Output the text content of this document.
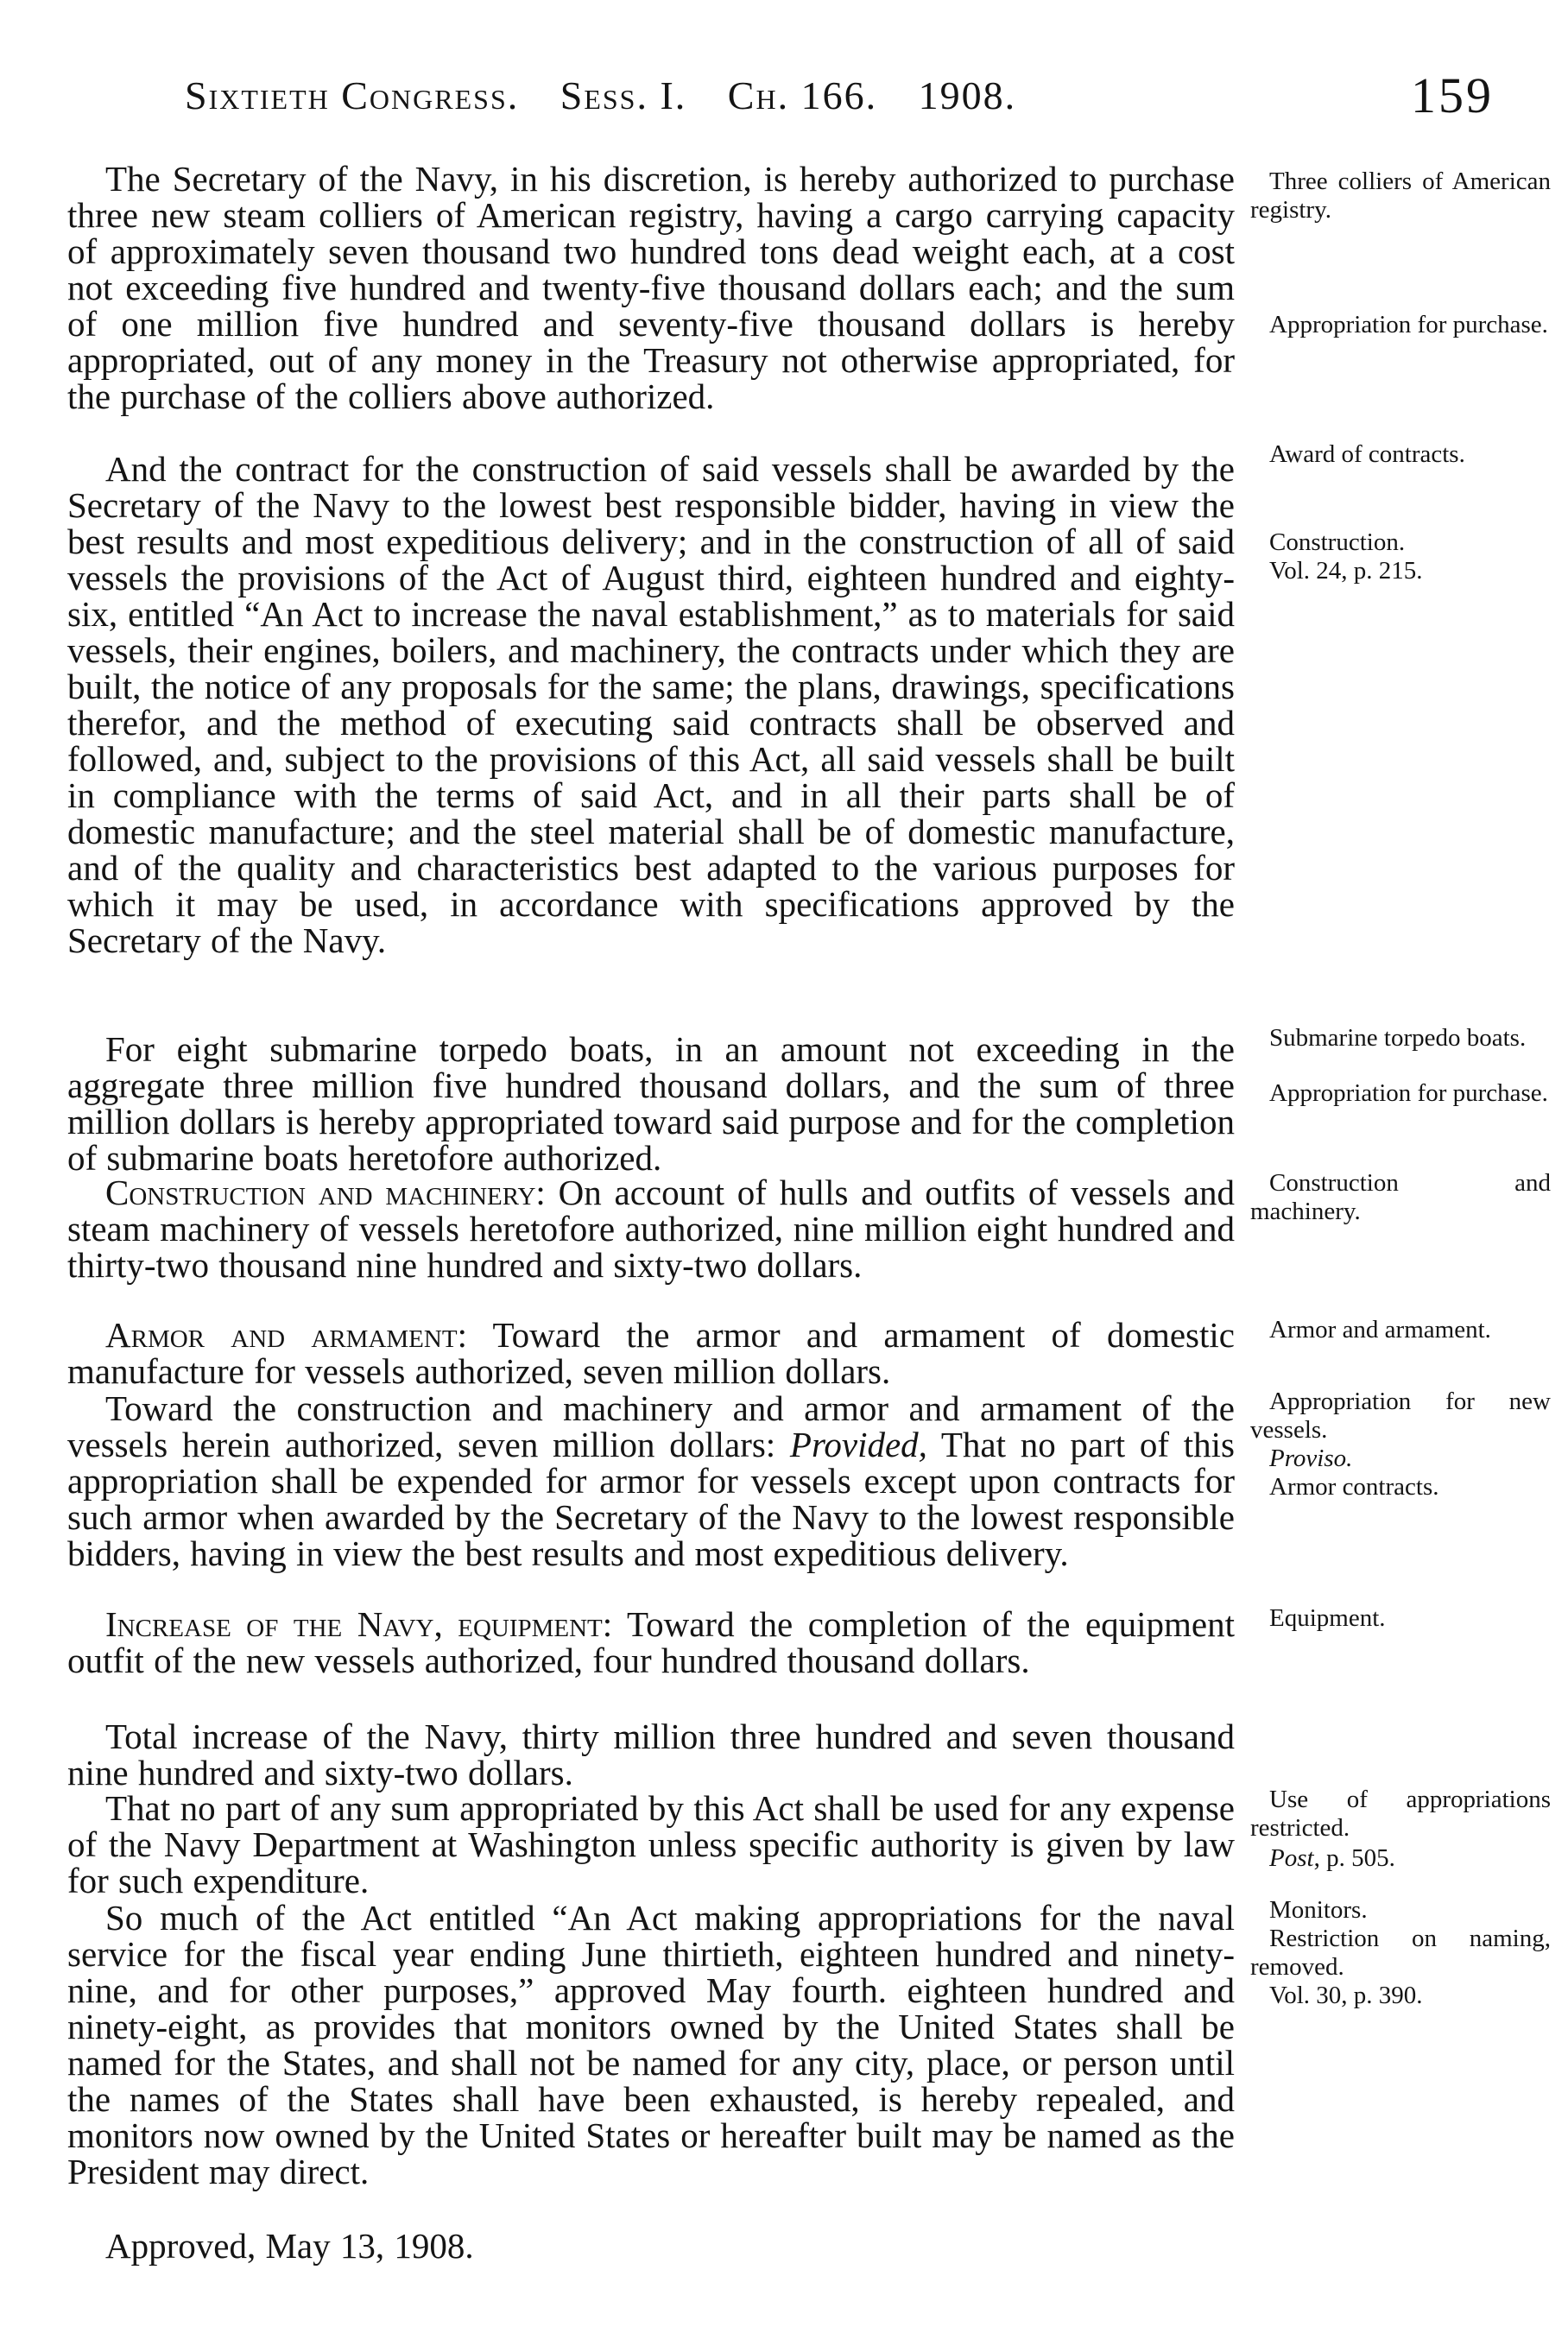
Sixtieth Congress. Sess. I. Ch. 166. 1908.	159

The Secretary of the Navy, in his discretion, is hereby authorized to purchase three new steam colliers of American registry, having a cargo carrying capacity of approximately seven thousand two hundred tons dead weight each, at a cost not exceeding five hundred and twenty-five thousand dollars each; and the sum of one million five hundred and seventy-five thousand dollars is hereby appropriated, out of any money in the Treasury not otherwise appropriated, for the purchase of the colliers above authorized.

And the contract for the construction of said vessels shall be awarded by the Secretary of the Navy to the lowest best responsible bidder, having in view the best results and most expeditious delivery; and in the construction of all of said vessels the provisions of the Act of August third, eighteen hundred and eighty-six, entitled “An Act to increase the naval establishment,” as to materials for said vessels, their engines, boilers, and machinery, the contracts under which they are built, the notice of any proposals for the same; the plans, drawings, specifications therefor, and the method of executing said contracts shall be observed and followed, and, subject to the provisions of this Act, all said vessels shall be built in compliance with the terms of said Act, and in all their parts shall be of domestic manufacture; and the steel material shall be of domestic manufacture, and of the quality and characteristics best adapted to the various purposes for which it may be used, in accordance with specifications approved by the Secretary of the Navy.

For eight submarine torpedo boats, in an amount not exceeding in the aggregate three million five hundred thousand dollars, and the sum of three million dollars is hereby appropriated toward said purpose and for the completion of submarine boats heretofore authorized.

Construction and machinery: On account of hulls and outfits of vessels and steam machinery of vessels heretofore authorized, nine million eight hundred and thirty-two thousand nine hundred and sixty-two dollars.

Armor and armament: Toward the armor and armament of domestic manufacture for vessels authorized, seven million dollars.

Toward the construction and machinery and armor and armament of the vessels herein authorized, seven million dollars: Provided, That no part of this appropriation shall be expended for armor for vessels except upon contracts for such armor when awarded by the Secretary of the Navy to the lowest responsible bidders, having in view the best results and most expeditious delivery.

Increase of the Navy, equipment: Toward the completion of the equipment outfit of the new vessels authorized, four hundred thousand dollars.

Total increase of the Navy, thirty million three hundred and seven thousand nine hundred and sixty-two dollars.

That no part of any sum appropriated by this Act shall be used for any expense of the Navy Department at Washington unless specific authority is given by law for such expenditure.

So much of the Act entitled “An Act making appropriations for the naval service for the fiscal year ending June thirtieth, eighteen hundred and ninety-nine, and for other purposes,” approved May fourth. eighteen hundred and ninety-eight, as provides that monitors owned by the United States shall be named for the States, and shall not be named for any city, place, or person until the names of the States shall have been exhausted, is hereby repealed, and monitors now owned by the United States or hereafter built may be named as the President may direct.

Approved, May 13, 1908.

Three colliers of American registry.
Appropriation for purchase.
Award of contracts.
Construction.
Vol. 24, p. 215.
Submarine torpedo boats.
Appropriation for purchase.
Construction and machinery.
Armor and armament.
Appropriation for new vessels.
Proviso.
Armor contracts.
Equipment.
Use of appropriations restricted.
Post, p. 505.
Monitors.
Restriction on naming, removed.
Vol. 30, p. 390.
